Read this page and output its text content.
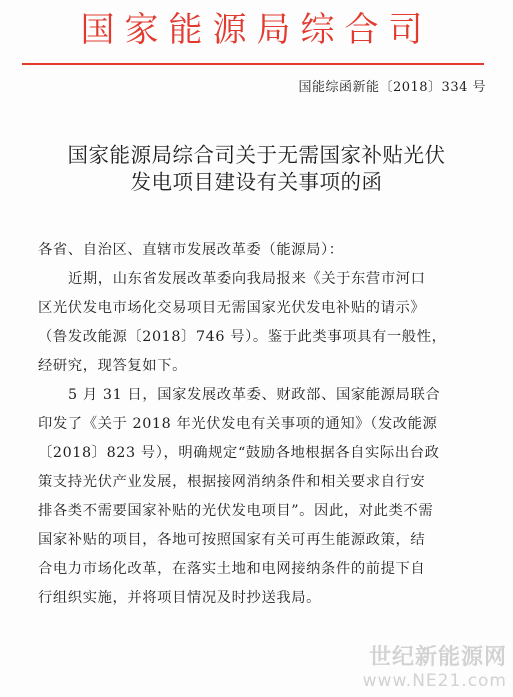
国家能源局综合司
国能综函新能〔2018〕334 号
国家能源局综合司关于无需国家补贴光伏
发电项目建设有关事项的函
各省、自治区、直辖市发展改革委（能源局）：
近期，山东省发展改革委向我局报来《关于东营市河口
区光伏发电市场化交易项目无需国家光伏发电补贴的请示》
（鲁发改能源〔2018〕746 号）。鉴于此类事项具有一般性，
经研究，现答复如下。
5 月 31 日，国家发展改革委、财政部、国家能源局联合
印发了《关于 2018 年光伏发电有关事项的通知》（发改能源
〔2018〕823 号），明确规定“鼓励各地根据各自实际出台政
策支持光伏产业发展，根据接网消纳条件和相关要求自行安
排各类不需要国家补贴的光伏发电项目”。因此，对此类不需
国家补贴的项目，各地可按照国家有关可再生能源政策，结
合电力市场化改革，在落实土地和电网接纳条件的前提下自
行组织实施，并将项目情况及时抄送我局。
世纪新能源网
www.NE21.com
